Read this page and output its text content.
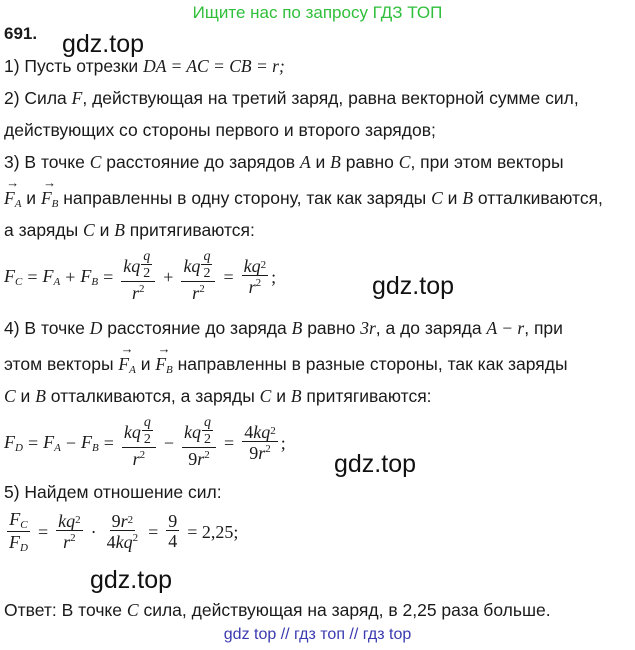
Ищите нас по запросу ГДЗ ТОП
691. gdz.top
gdz.top
gdz.top
gdz.top
1) Пусть отрезки DA = AC = CB = r;
2) Сила F, действующая на третий заряд, равна векторной сумме сил,
действующих со стороны первого и второго зарядов;
3) В точке C расстояние до зарядов A и B равно C, при этом векторы
→ $F_A$ $и \to F_B$ направленны в одну сторону, так как заряды C и B отталкиваются,
а заряды C и B притягиваются:
$F_C = F_A + F_B = \frac{kq \frac{q}{2}}{r^2} + \frac{kq \frac{q}{2}}{r^2} = \frac{kq 2}{r^2}$ ;
4) В точке D расстояние до заряда B равно 3r, а до заряда A − r, при
этом векторы → $F_A$ $и \to F_B$ направленны в разные стороны, так как заряды
C и B отталкиваются, а заряды C и B притягиваются:
$F_D = F_A - F_B = \frac{kq \frac{q}{2}}{r^2} - \frac{kq \frac{q}{2}}{9r^2} = \frac{4 kq 2}{9r^2}$ ;
5) Найдем отношение сил:
$\frac{F_C}{F_D} = \frac{kq 2}{r^2} \cdot \frac{9 r 2}{4kq^2} = \frac{9}{4} = 2,25$;
Ответ: В точке C сила, действующая на заряд, в 2,25 раза больше.
gdz top // гдз топ // гдз top
